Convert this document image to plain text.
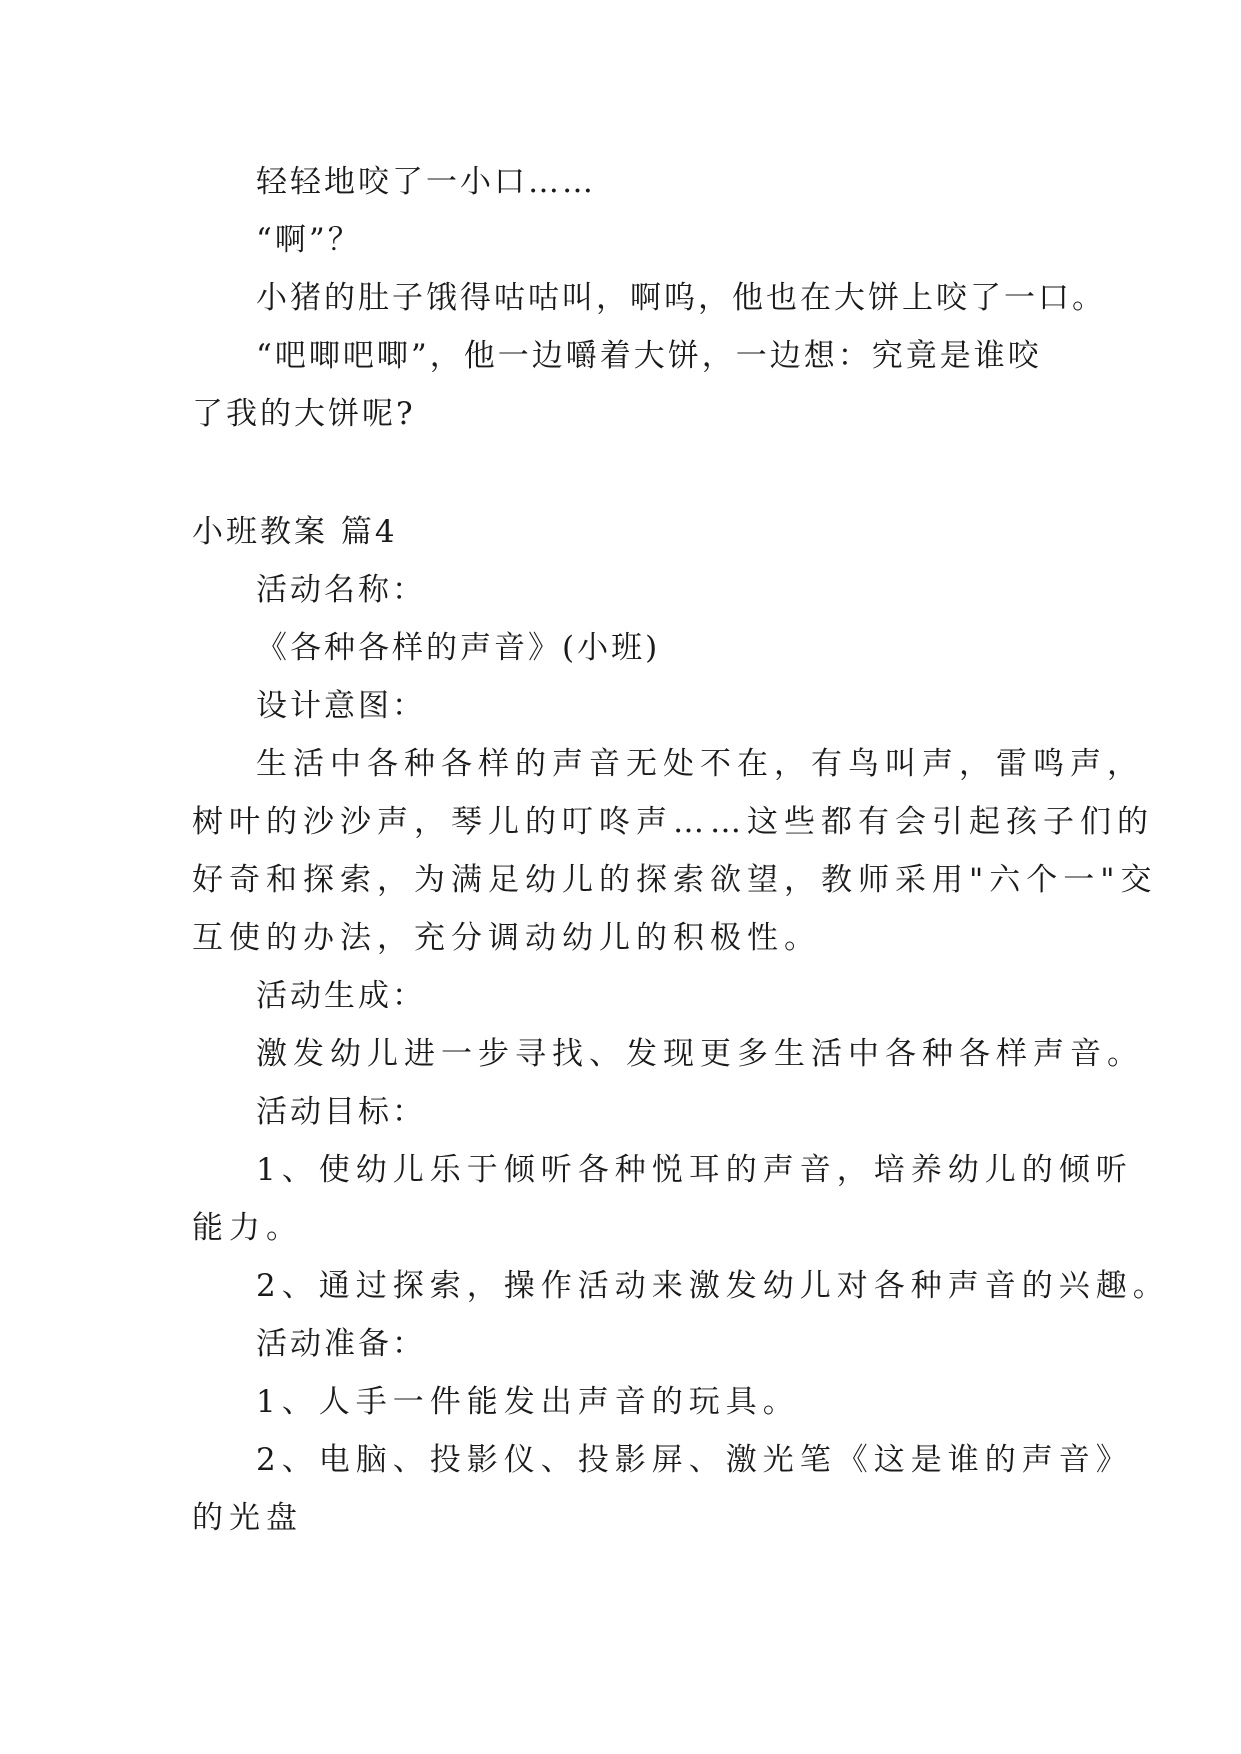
轻轻地咬了一小口……
“啊”？
小猪的肚子饿得咕咕叫，啊呜，他也在大饼上咬了一口。
“吧唧吧唧”，他一边嚼着大饼，一边想：究竟是谁咬
了我的大饼呢?
小班教案 篇4
活动名称：
《各种各样的声音》(小班)
设计意图：
生活中各种各样的声音无处不在，有鸟叫声，雷鸣声，
树叶的沙沙声，琴儿的叮咚声……这些都有会引起孩子们的
好奇和探索，为满足幼儿的探索欲望，教师采用"六个一"交
互使的办法，充分调动幼儿的积极性。
活动生成：
激发幼儿进一步寻找、发现更多生活中各种各样声音。
活动目标：
1、使幼儿乐于倾听各种悦耳的声音，培养幼儿的倾听
能力。
2、通过探索，操作活动来激发幼儿对各种声音的兴趣。
活动准备：
1、人手一件能发出声音的玩具。
2、电脑、投影仪、投影屏、激光笔《这是谁的声音》
的光盘
